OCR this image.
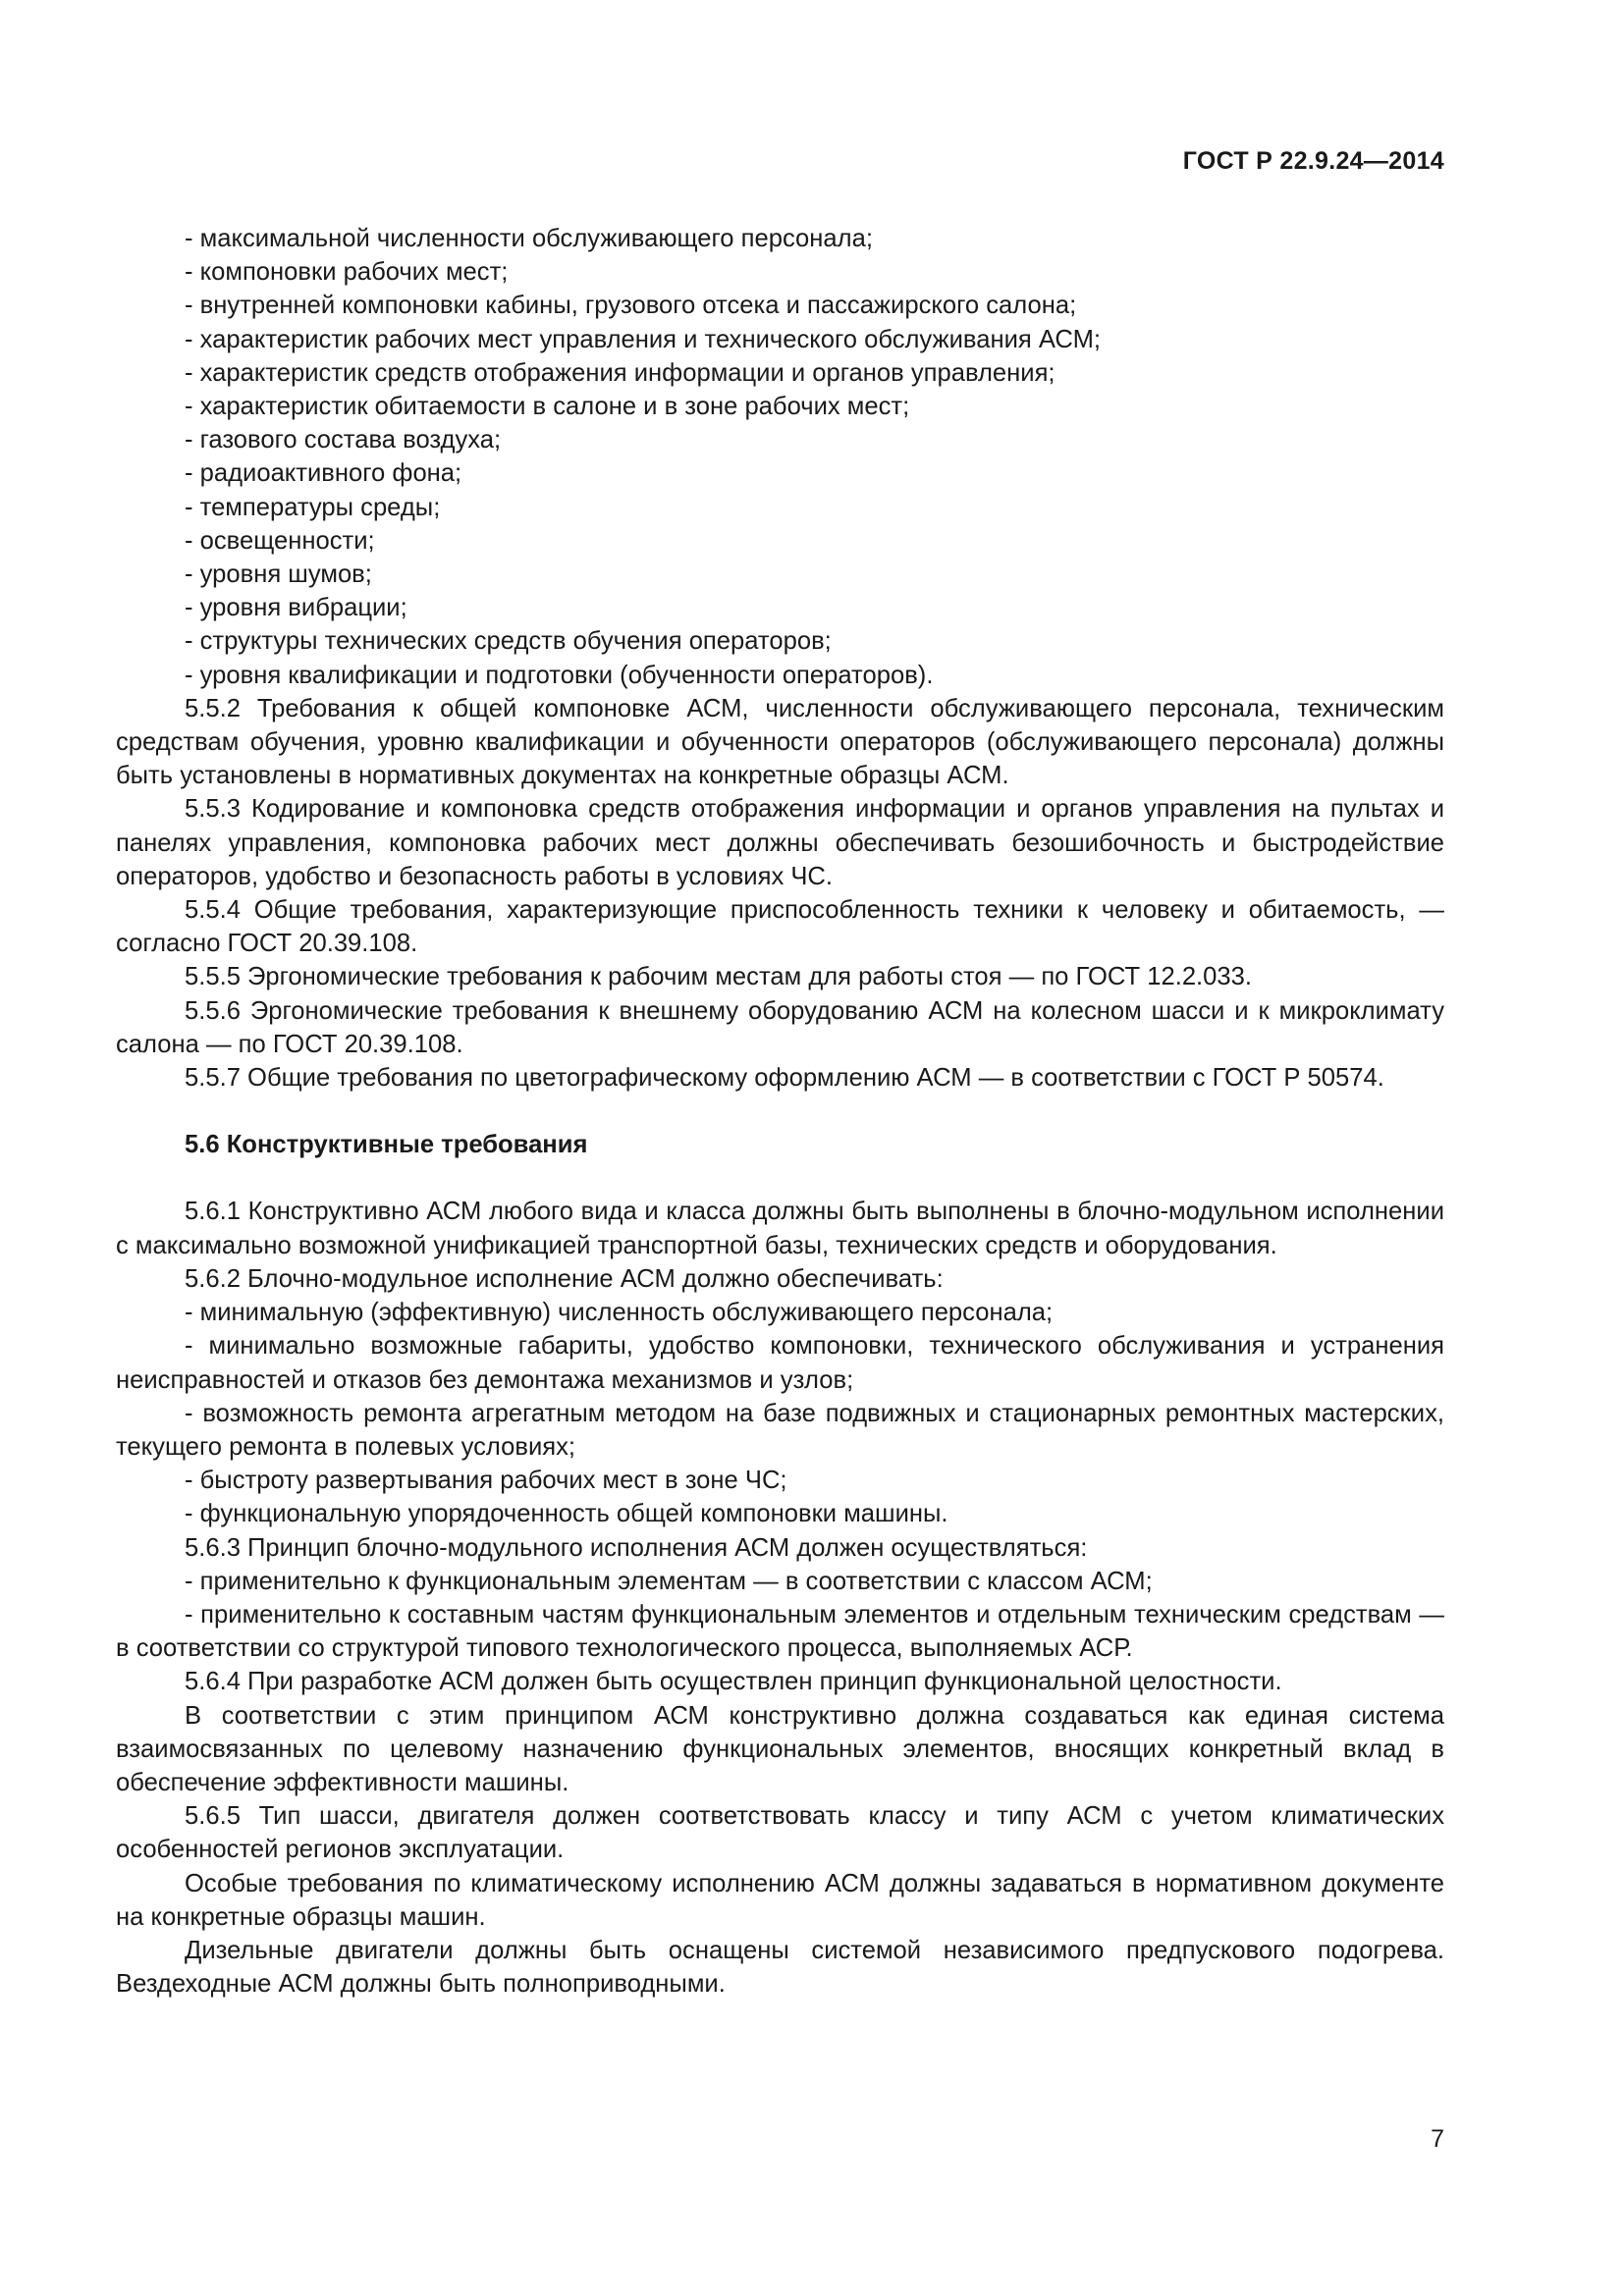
ГОСТ Р 22.9.24—2014

- максимальной численности обслуживающего персонала;

- компоновки рабочих мест;

- внутренней компоновки кабины, грузового отсека и пассажирского салона;

- характеристик рабочих мест управления и технического обслуживания АСМ;

- характеристик средств отображения информации и органов управления;

- характеристик обитаемости в салоне и в зоне рабочих мест;

- газового состава воздуха;

- радиоактивного фона;

- температуры среды;

- освещенности;

- уровня шумов;

- уровня вибрации;

- структуры технических средств обучения операторов;

- уровня квалификации и подготовки (обученности операторов).

5.5.2 Требования к общей компоновке АСМ, численности обслуживающего персонала, техническим средствам обучения, уровню квалификации и обученности операторов (обслуживающего персонала) должны быть установлены в нормативных документах на конкретные образцы АСМ.

5.5.3 Кодирование и компоновка средств отображения информации и органов управления на пультах и панелях управления, компоновка рабочих мест должны обеспечивать безошибочность и быстродействие операторов, удобство и безопасность работы в условиях ЧС.

5.5.4 Общие требования, характеризующие приспособленность техники к человеку и обитаемость, — согласно ГОСТ 20.39.108.

5.5.5 Эргономические требования к рабочим местам для работы стоя — по ГОСТ 12.2.033.

5.5.6 Эргономические требования к внешнему оборудованию АСМ на колесном шасси и к микроклимату салона — по ГОСТ 20.39.108.

5.5.7 Общие требования по цветографическому оформлению АСМ — в соответствии с ГОСТ Р 50574.

5.6 Конструктивные требования

5.6.1 Конструктивно АСМ любого вида и класса должны быть выполнены в блочно-модульном исполнении с максимально возможной унификацией транспортной базы, технических средств и оборудования.

5.6.2 Блочно-модульное исполнение АСМ должно обеспечивать:

- минимальную (эффективную) численность обслуживающего персонала;

- минимально возможные габариты, удобство компоновки, технического обслуживания и устранения неисправностей и отказов без демонтажа механизмов и узлов;

- возможность ремонта агрегатным методом на базе подвижных и стационарных ремонтных мастерских, текущего ремонта в полевых условиях;

- быстроту развертывания рабочих мест в зоне ЧС;

- функциональную упорядоченность общей компоновки машины.

5.6.3 Принцип блочно-модульного исполнения АСМ должен осуществляться:

- применительно к функциональным элементам — в соответствии с классом АСМ;

- применительно к составным частям функциональным элементов и отдельным техническим средствам — в соответствии со структурой типового технологического процесса, выполняемых АСР.

5.6.4 При разработке АСМ должен быть осуществлен принцип функциональной целостности.

В соответствии с этим принципом АСМ конструктивно должна создаваться как единая система взаимосвязанных по целевому назначению функциональных элементов, вносящих конкретный вклад в обеспечение эффективности машины.

5.6.5 Тип шасси, двигателя должен соответствовать классу и типу АСМ с учетом климатических особенностей регионов эксплуатации.

Особые требования по климатическому исполнению АСМ должны задаваться в нормативном документе на конкретные образцы машин.

Дизельные двигатели должны быть оснащены системой независимого предпускового подогрева. Вездеходные АСМ должны быть полноприводными.

7
